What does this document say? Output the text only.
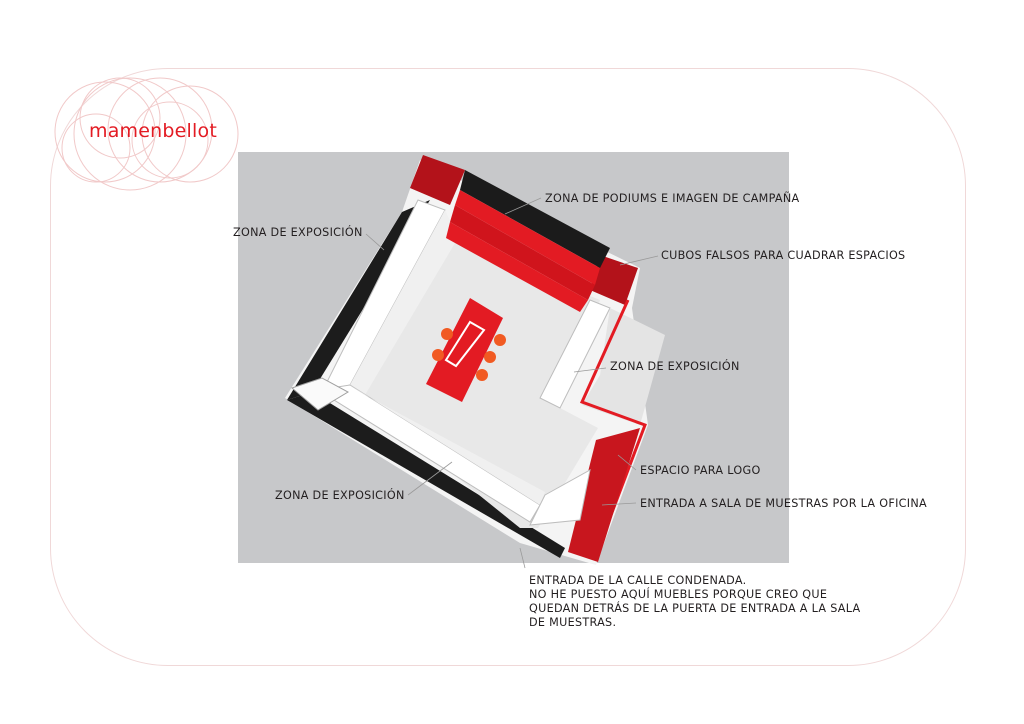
mamenbellot
ZONA DE PODIUMS E IMAGEN DE CAMPAÑA
ZONA DE EXPOSICIÓN
CUBOS FALSOS PARA CUADRAR ESPACIOS
ZONA DE EXPOSICIÓN
ESPACIO PARA LOGO
ENTRADA A SALA DE MUESTRAS POR LA OFICINA
ZONA DE EXPOSICIÓN
ENTRADA DE LA CALLE CONDENADA.
NO HE PUESTO AQUÍ MUEBLES PORQUE CREO QUE
QUEDAN DETRÁS DE LA PUERTA DE ENTRADA A LA SALA
DE MUESTRAS.
